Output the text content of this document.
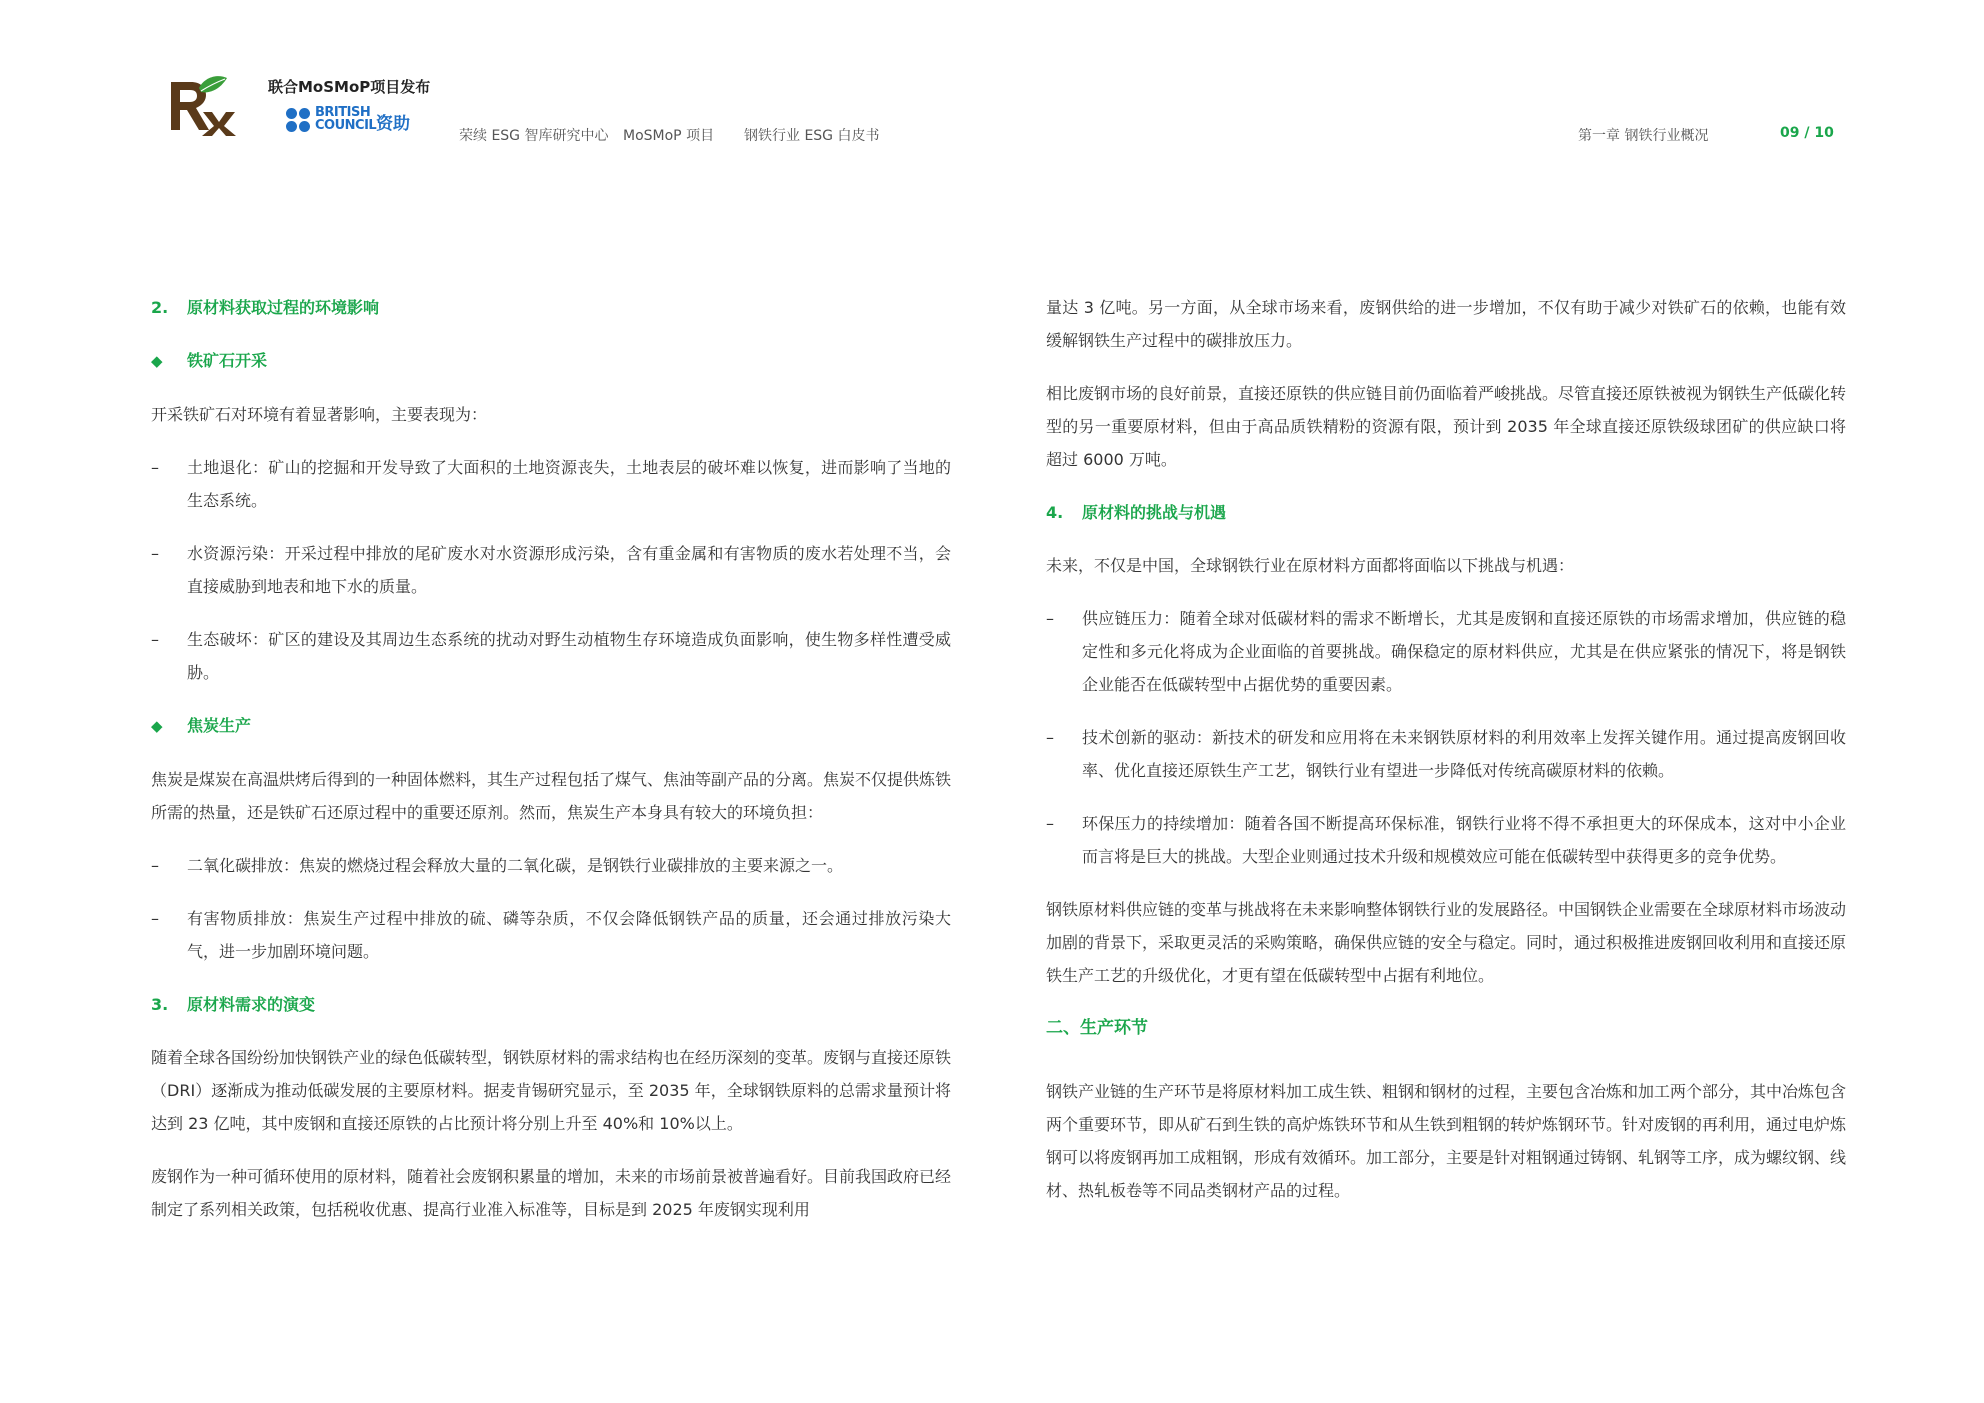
联合MoSMoP项目发布
BRITISH
COUNCIL 资助
荣续 ESG 智库研究中心 MoSMoP 项目 钢铁行业 ESG 白皮书	第一章 钢铁行业概况	09 / 10
2. 原材料获取过程的环境影响
◆ 铁矿石开采

开采铁矿石对环境有着显著影响，主要表现为：

– 土地退化：矿山的挖掘和开发导致了大面积的土地资源丧失，土地表层的破坏难以恢复，进而影响了当地的生态系统。
– 水资源污染：开采过程中排放的尾矿废水对水资源形成污染，含有重金属和有害物质的废水若处理不当，会直接威胁到地表和地下水的质量。
– 生态破坏：矿区的建设及其周边生态系统的扰动对野生动植物生存环境造成负面影响，使生物多样性遭受威胁。
◆ 焦炭生产

焦炭是煤炭在高温烘烤后得到的一种固体燃料，其生产过程包括了煤气、焦油等副产品的分离。焦炭不仅提供炼铁所需的热量，还是铁矿石还原过程中的重要还原剂。然而，焦炭生产本身具有较大的环境负担：

– 二氧化碳排放：焦炭的燃烧过程会释放大量的二氧化碳，是钢铁行业碳排放的主要来源之一。
– 有害物质排放：焦炭生产过程中排放的硫、磷等杂质，不仅会降低钢铁产品的质量，还会通过排放污染大气，进一步加剧环境问题。
3. 原材料需求的演变

随着全球各国纷纷加快钢铁产业的绿色低碳转型，钢铁原材料的需求结构也在经历深刻的变革。废钢与直接还原铁（DRI）逐渐成为推动低碳发展的主要原材料。据麦肯锡研究显示，至 2035 年，全球钢铁原料的总需求量预计将达到 23 亿吨，其中废钢和直接还原铁的占比预计将分别上升至 40%和 10%以上。

废钢作为一种可循环使用的原材料，随着社会废钢积累量的增加，未来的市场前景被普遍看好。目前我国政府已经制定了系列相关政策，包括税收优惠、提高行业准入标准等，目标是到 2025 年废钢实现利用

量达 3 亿吨。另一方面，从全球市场来看，废钢供给的进一步增加，不仅有助于减少对铁矿石的依赖，也能有效缓解钢铁生产过程中的碳排放压力。

相比废钢市场的良好前景，直接还原铁的供应链目前仍面临着严峻挑战。尽管直接还原铁被视为钢铁生产低碳化转型的另一重要原材料，但由于高品质铁精粉的资源有限，预计到 2035 年全球直接还原铁级球团矿的供应缺口将超过 6000 万吨。

4. 原材料的挑战与机遇

未来，不仅是中国，全球钢铁行业在原材料方面都将面临以下挑战与机遇：

– 供应链压力：随着全球对低碳材料的需求不断增长，尤其是废钢和直接还原铁的市场需求增加，供应链的稳定性和多元化将成为企业面临的首要挑战。确保稳定的原材料供应，尤其是在供应紧张的情况下，将是钢铁企业能否在低碳转型中占据优势的重要因素。
– 技术创新的驱动：新技术的研发和应用将在未来钢铁原材料的利用效率上发挥关键作用。通过提高废钢回收率、优化直接还原铁生产工艺，钢铁行业有望进一步降低对传统高碳原材料的依赖。
– 环保压力的持续增加：随着各国不断提高环保标准，钢铁行业将不得不承担更大的环保成本，这对中小企业而言将是巨大的挑战。大型企业则通过技术升级和规模效应可能在低碳转型中获得更多的竞争优势。

钢铁原材料供应链的变革与挑战将在未来影响整体钢铁行业的发展路径。中国钢铁企业需要在全球原材料市场波动加剧的背景下，采取更灵活的采购策略，确保供应链的安全与稳定。同时，通过积极推进废钢回收利用和直接还原铁生产工艺的升级优化，才更有望在低碳转型中占据有利地位。

二、生产环节

钢铁产业链的生产环节是将原材料加工成生铁、粗钢和钢材的过程，主要包含冶炼和加工两个部分，其中冶炼包含两个重要环节，即从矿石到生铁的高炉炼铁环节和从生铁到粗钢的转炉炼钢环节。针对废钢的再利用，通过电炉炼钢可以将废钢再加工成粗钢，形成有效循环。加工部分，主要是针对粗钢通过铸钢、轧钢等工序，成为螺纹钢、线材、热轧板卷等不同品类钢材产品的过程。
